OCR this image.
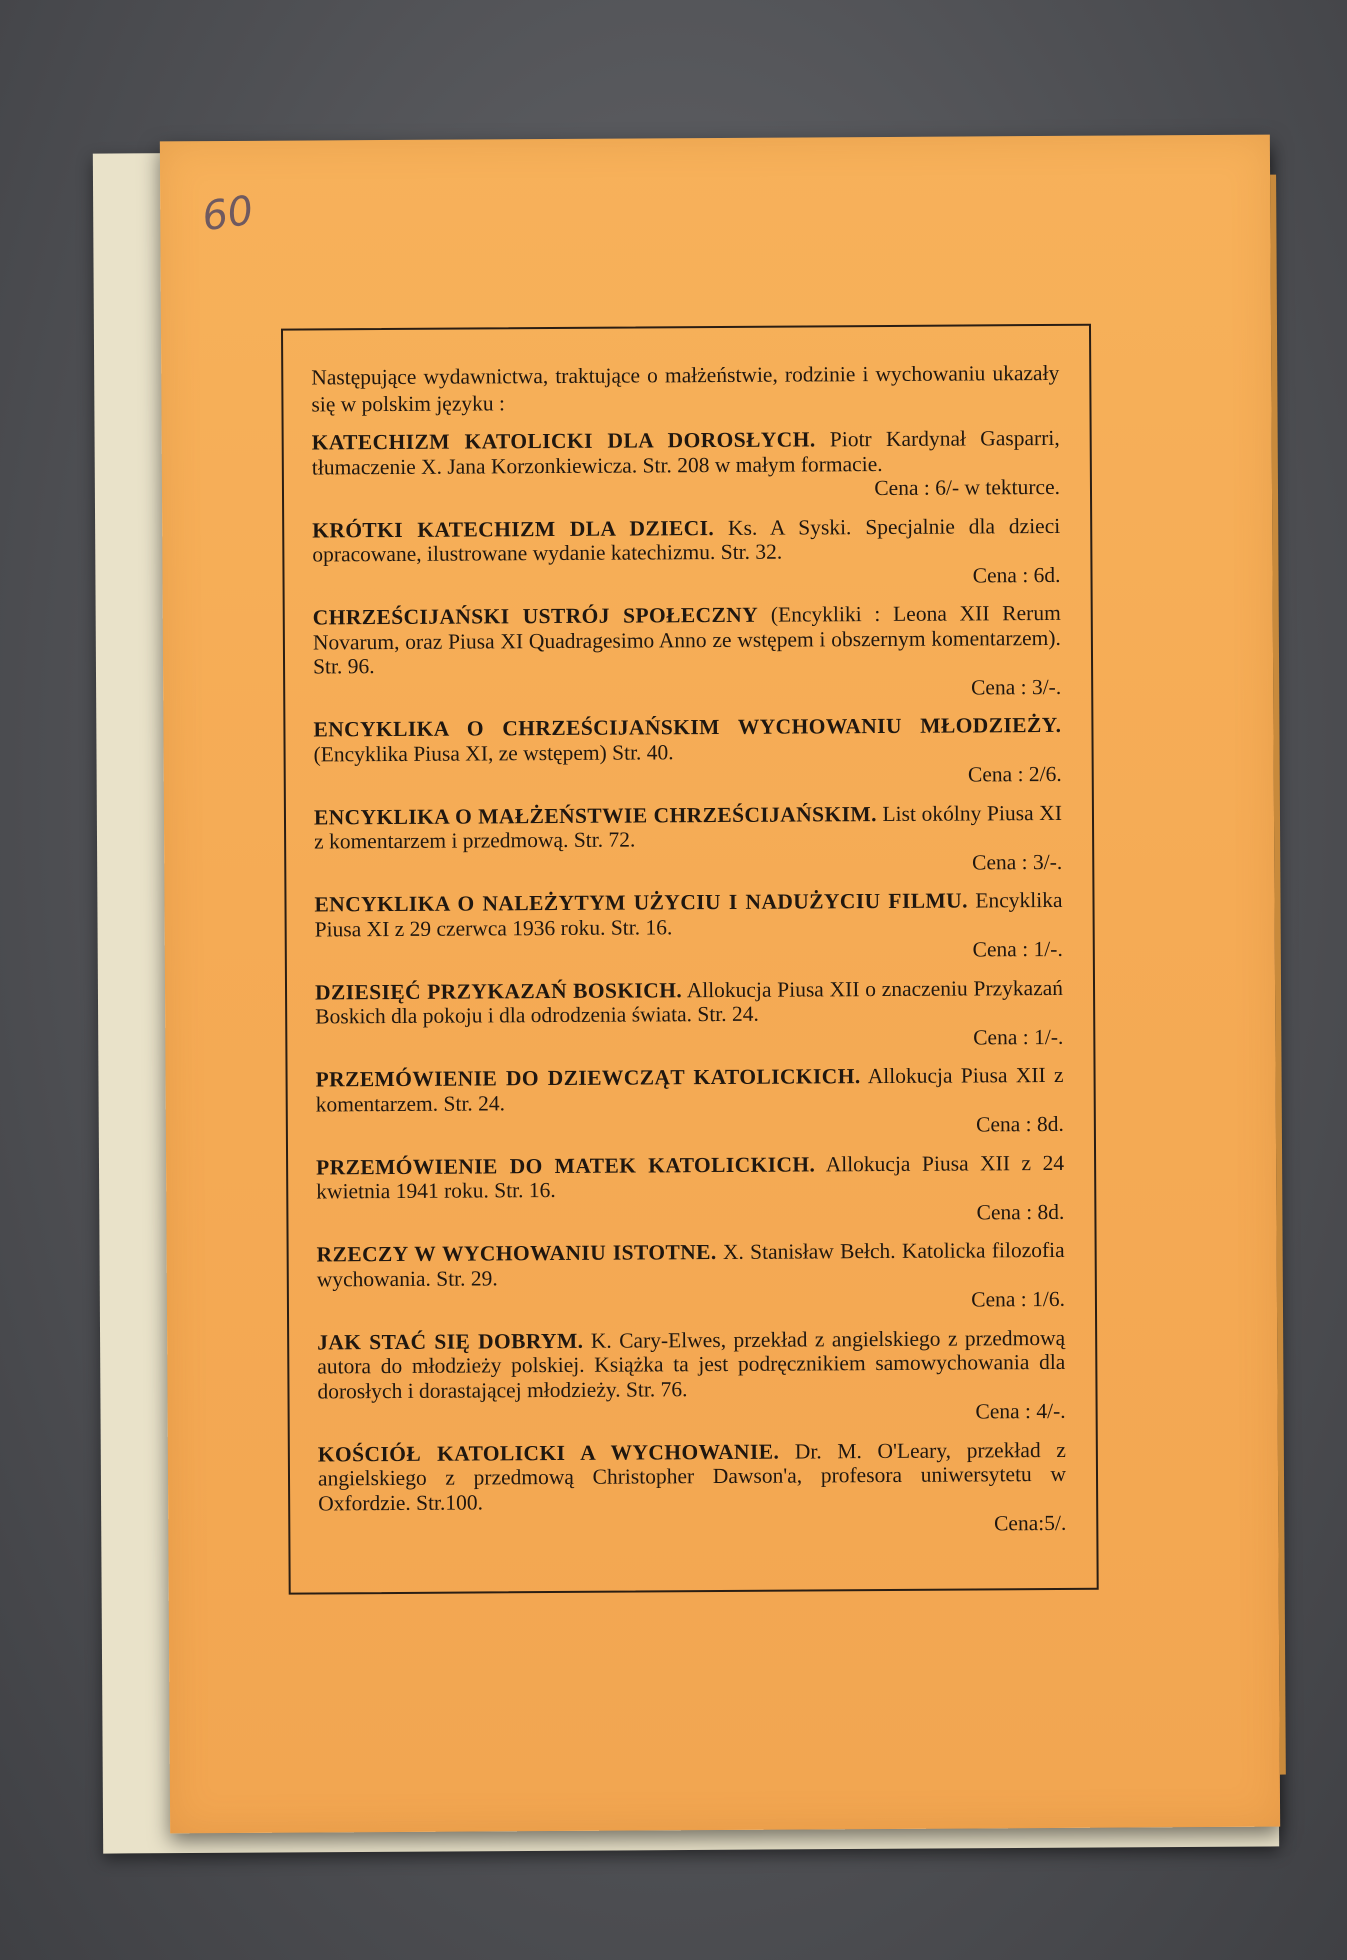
60

Następujące wydawnictwa, traktujące o małżeństwie, rodzinie i wychowaniu ukazały się w polskim języku :

KATECHIZM KATOLICKI DLA DOROSŁYCH. Piotr Kardynał Gasparri, tłumaczenie X. Jana Korzonkiewicza. Str. 208 w małym formacie.
Cena : 6/- w tekturce.

KRÓTKI KATECHIZM DLA DZIECI. Ks. A Syski. Specjalnie dla dzieci opracowane, ilustrowane wydanie katechizmu. Str. 32.
Cena : 6d.

CHRZEŚCIJAŃSKI USTRÓJ SPOŁECZNY (Encykliki : Leona XII Rerum Novarum, oraz Piusa XI Quadragesimo Anno ze wstępem i obszernym komentarzem). Str. 96.
Cena : 3/-.

ENCYKLIKA O CHRZEŚCIJAŃSKIM WYCHOWANIU MŁODZIEŻY. (Encyklika Piusa XI, ze wstępem) Str. 40.
Cena : 2/6.

ENCYKLIKA O MAŁŻEŃSTWIE CHRZEŚCIJAŃSKIM. List okólny Piusa XI z komentarzem i przedmową. Str. 72.
Cena : 3/-.

ENCYKLIKA O NALEŻYTYM UŻYCIU I NADUŻYCIU FILMU. Encyklika Piusa XI z 29 czerwca 1936 roku. Str. 16.
Cena : 1/-.

DZIESIĘĆ PRZYKAZAŃ BOSKICH. Allokucja Piusa XII o znaczeniu Przykazań Boskich dla pokoju i dla odrodzenia świata. Str. 24.
Cena : 1/-.

PRZEMÓWIENIE DO DZIEWCZĄT KATOLICKICH. Allokucja Piusa XII z komentarzem. Str. 24.
Cena : 8d.

PRZEMÓWIENIE DO MATEK KATOLICKICH. Allokucja Piusa XII z 24 kwietnia 1941 roku. Str. 16.
Cena : 8d.

RZECZY W WYCHOWANIU ISTOTNE. X. Stanisław Bełch. Katolicka filozofia wychowania. Str. 29.
Cena : 1/6.

JAK STAĆ SIĘ DOBRYM. K. Cary-Elwes, przekład z angielskiego z przedmową autora do młodzieży polskiej. Książka ta jest podręcznikiem samowychowania dla dorosłych i dorastającej młodzieży. Str. 76.
Cena : 4/-.

KOŚCIÓŁ KATOLICKI A WYCHOWANIE. Dr. M. O'Leary, przekład z angielskiego z przedmową Christopher Dawson'a, profesora uniwersytetu w Oxfordzie. Str.100.
Cena:5/.
